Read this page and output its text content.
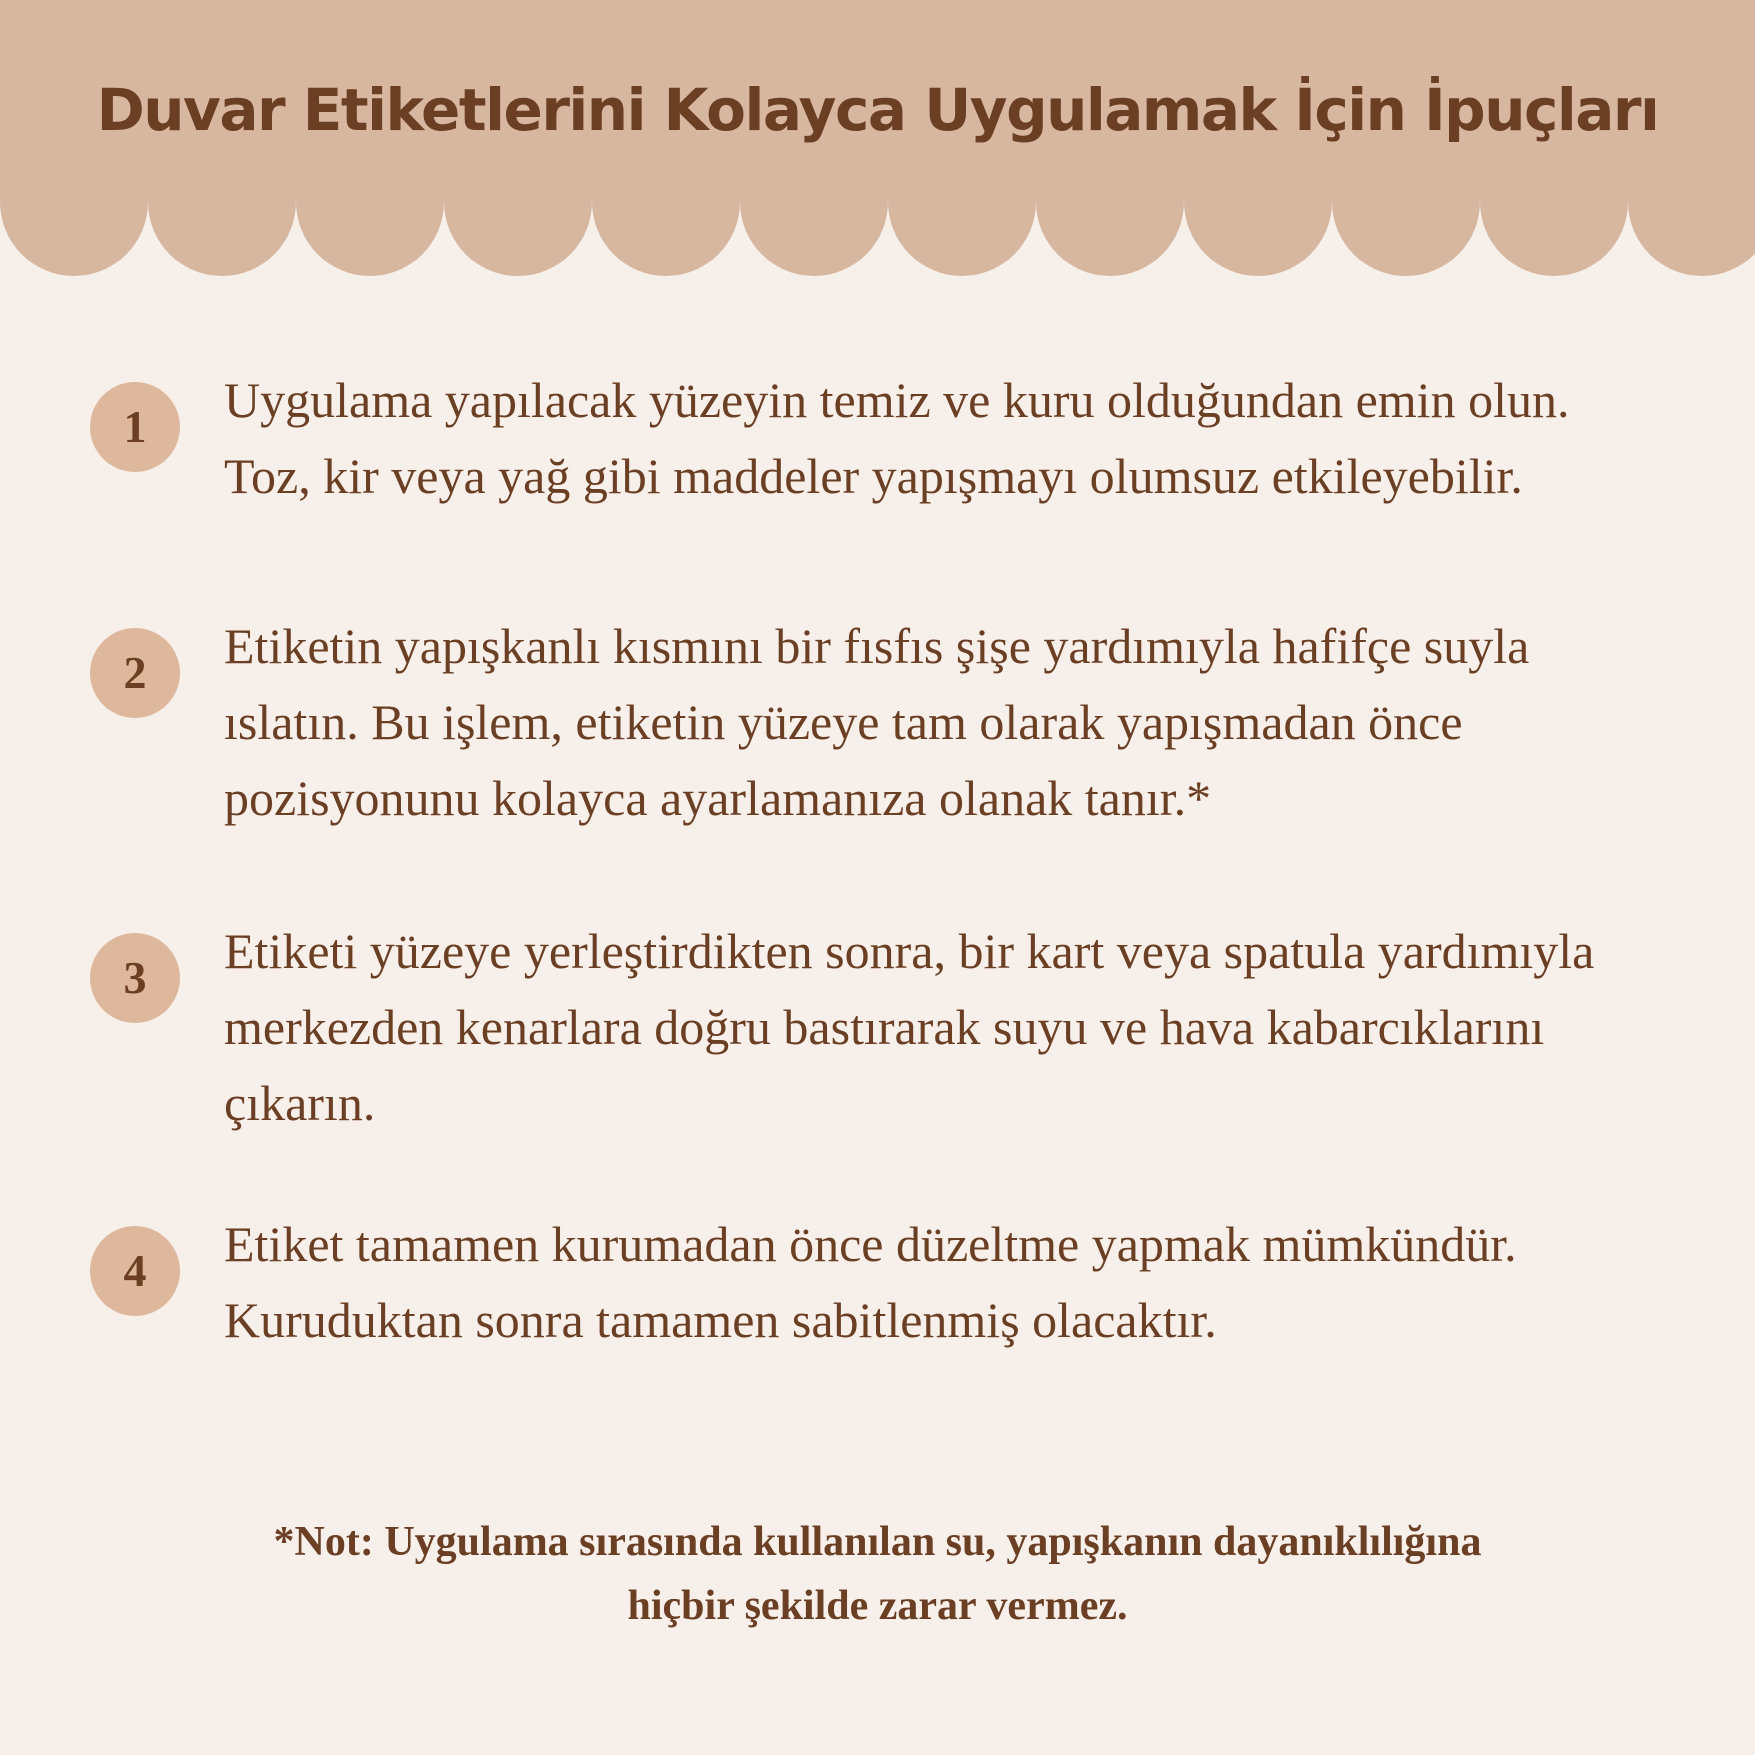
Duvar Etiketlerini Kolayca Uygulamak İçin İpuçları
1	Uygulama yapılacak yüzeyin temiz ve kuru olduğundan emin olun.
Toz, kir veya yağ gibi maddeler yapışmayı olumsuz etkileyebilir.

2	Etiketin yapışkanlı kısmını bir fısfıs şişe yardımıyla hafifçe suyla
ıslatın. Bu işlem, etiketin yüzeye tam olarak yapışmadan önce
pozisyonunu kolayca ayarlamanıza olanak tanır.*

3	Etiketi yüzeye yerleştirdikten sonra, bir kart veya spatula yardımıyla
merkezden kenarlara doğru bastırarak suyu ve hava kabarcıklarını
çıkarın.

4	Etiket tamamen kurumadan önce düzeltme yapmak mümkündür.
Kuruduktan sonra tamamen sabitlenmiş olacaktır.

*Not: Uygulama sırasında kullanılan su, yapışkanın dayanıklılığına
hiçbir şekilde zarar vermez.
